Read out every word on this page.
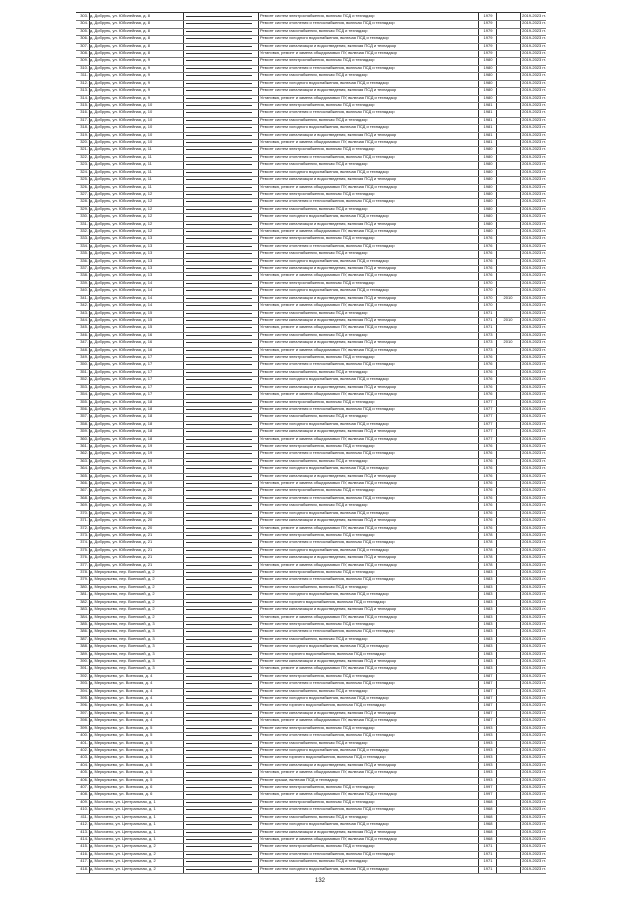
303. д. Добрунь, ул. Юбилейная, д. 8	Ремонт систем электроснабжения, включая ПСД и технадзор	1979	2019-2023 гг.
304. д. Добрунь, ул. Юбилейная, д. 8	Ремонт систем отопления и теплоснабжения, включая ПСД и технадзор	1979	2019-2023 гг.
305. д. Добрунь, ул. Юбилейная, д. 8	Ремонт систем газоснабжения, включая ПСД и технадзор	1979	2019-2023 гг.
306. д. Добрунь, ул. Юбилейная, д. 8	Ремонт систем холодного водоснабжения, включая ПСД и технадзор	1979	2019-2023 гг.
307. д. Добрунь, ул. Юбилейная, д. 8	Ремонт систем канализации и водоотведения, включая ПСД и технадзор	1979	2019-2023 гг.
308. д. Добрунь, ул. Юбилейная, д. 8	Установка, ремонт и замена общедомовых ПУ, включая ПСД и технадзор	1979	2019-2023 гг.
309. д. Добрунь, ул. Юбилейная, д. 9	Ремонт систем электроснабжения, включая ПСД и технадзор	1980	2019-2023 гг.
310. д. Добрунь, ул. Юбилейная, д. 9	Ремонт систем отопления и теплоснабжения, включая ПСД и технадзор	1980	2019-2023 гг.
311. д. Добрунь, ул. Юбилейная, д. 9	Ремонт систем газоснабжения, включая ПСД и технадзор	1980	2019-2023 гг.
312. д. Добрунь, ул. Юбилейная, д. 9	Ремонт систем холодного водоснабжения, включая ПСД и технадзор	1980	2019-2023 гг.
313. д. Добрунь, ул. Юбилейная, д. 9	Ремонт систем канализации и водоотведения, включая ПСД и технадзор	1980	2019-2023 гг.
314. д. Добрунь, ул. Юбилейная, д. 9	Установка, ремонт и замена общедомовых ПУ, включая ПСД и технадзор	1980	2019-2023 гг.
315. д. Добрунь, ул. Юбилейная, д. 10	Ремонт систем электроснабжения, включая ПСД и технадзор	1981	2019-2023 гг.
316. д. Добрунь, ул. Юбилейная, д. 10	Ремонт систем отопления и теплоснабжения, включая ПСД и технадзор	1981	2019-2023 гг.
317. д. Добрунь, ул. Юбилейная, д. 10	Ремонт систем газоснабжения, включая ПСД и технадзор	1981	2019-2023 гг.
318. д. Добрунь, ул. Юбилейная, д. 10	Ремонт систем холодного водоснабжения, включая ПСД и технадзор	1981	2019-2023 гг.
319. д. Добрунь, ул. Юбилейная, д. 10	Ремонт систем канализации и водоотведения, включая ПСД и технадзор	1981	2019-2023 гг.
320. д. Добрунь, ул. Юбилейная, д. 10	Установка, ремонт и замена общедомовых ПУ, включая ПСД и технадзор	1981	2019-2023 гг.
321. д. Добрунь, ул. Юбилейная, д. 11	Ремонт систем электроснабжения, включая ПСД и технадзор	1980	2019-2023 гг.
322. д. Добрунь, ул. Юбилейная, д. 11	Ремонт систем отопления и теплоснабжения, включая ПСД и технадзор	1980	2019-2023 гг.
323. д. Добрунь, ул. Юбилейная, д. 11	Ремонт систем газоснабжения, включая ПСД и технадзор	1980	2019-2023 гг.
324. д. Добрунь, ул. Юбилейная, д. 11	Ремонт систем холодного водоснабжения, включая ПСД и технадзор	1980	2019-2023 гг.
325. д. Добрунь, ул. Юбилейная, д. 11	Ремонт систем канализации и водоотведения, включая ПСД и технадзор	1980	2019-2023 гг.
326. д. Добрунь, ул. Юбилейная, д. 11	Установка, ремонт и замена общедомовых ПУ, включая ПСД и технадзор	1980	2019-2023 гг.
327. д. Добрунь, ул. Юбилейная, д. 12	Ремонт систем электроснабжения, включая ПСД и технадзор	1980	2019-2023 гг.
328. д. Добрунь, ул. Юбилейная, д. 12	Ремонт систем отопления и теплоснабжения, включая ПСД и технадзор	1980	2019-2023 гг.
329. д. Добрунь, ул. Юбилейная, д. 12	Ремонт систем газоснабжения, включая ПСД и технадзор	1980	2019-2023 гг.
330. д. Добрунь, ул. Юбилейная, д. 12	Ремонт систем холодного водоснабжения, включая ПСД и технадзор	1980	2019-2023 гг.
331. д. Добрунь, ул. Юбилейная, д. 12	Ремонт систем канализации и водоотведения, включая ПСД и технадзор	1980	2019-2023 гг.
332. д. Добрунь, ул. Юбилейная, д. 12	Установка, ремонт и замена общедомовых ПУ, включая ПСД и технадзор	1980	2019-2023 гг.
333. д. Добрунь, ул. Юбилейная, д. 13	Ремонт систем электроснабжения, включая ПСД и технадзор	1976	2019-2023 гг.
334. д. Добрунь, ул. Юбилейная, д. 13	Ремонт систем отопления и теплоснабжения, включая ПСД и технадзор	1976	2019-2023 гг.
335. д. Добрунь, ул. Юбилейная, д. 13	Ремонт систем газоснабжения, включая ПСД и технадзор	1976	2019-2023 гг.
336. д. Добрунь, ул. Юбилейная, д. 13	Ремонт систем холодного водоснабжения, включая ПСД и технадзор	1976	2019-2023 гг.
337. д. Добрунь, ул. Юбилейная, д. 13	Ремонт систем канализации и водоотведения, включая ПСД и технадзор	1976	2019-2023 гг.
338. д. Добрунь, ул. Юбилейная, д. 13	Установка, ремонт и замена общедомовых ПУ, включая ПСД и технадзор	1976	2019-2023 гг.
339. д. Добрунь, ул. Юбилейная, д. 14	Ремонт систем электроснабжения, включая ПСД и технадзор	1970	2019-2023 гг.
340. д. Добрунь, ул. Юбилейная, д. 14	Ремонт систем холодного водоснабжения, включая ПСД и технадзор	1970	2019-2023 гг.
341. д. Добрунь, ул. Юбилейная, д. 14	Ремонт систем канализации и водоотведения, включая ПСД и технадзор	1970	2010	2019-2023 гг.
342. д. Добрунь, ул. Юбилейная, д. 14	Установка, ремонт и замена общедомовых ПУ, включая ПСД и технадзор	1970	2019-2023 гг.
343. д. Добрунь, ул. Юбилейная, д. 15	Ремонт систем газоснабжения, включая ПСД и технадзор	1971	2019-2023 гг.
344. д. Добрунь, ул. Юбилейная, д. 15	Ремонт систем канализации и водоотведения, включая ПСД и технадзор	1971	2010	2019-2023 гг.
345. д. Добрунь, ул. Юбилейная, д. 15	Установка, ремонт и замена общедомовых ПУ, включая ПСД и технадзор	1971	2019-2023 гг.
346. д. Добрунь, ул. Юбилейная, д. 16	Ремонт систем газоснабжения, включая ПСД и технадзор	1973	2019-2023 гг.
347. д. Добрунь, ул. Юбилейная, д. 16	Ремонт систем канализации и водоотведения, включая ПСД и технадзор	1973	2010	2019-2023 гг.
348. д. Добрунь, ул. Юбилейная, д. 16	Установка, ремонт и замена общедомовых ПУ, включая ПСД и технадзор	1973	2019-2023 гг.
349. д. Добрунь, ул. Юбилейная, д. 17	Ремонт систем электроснабжения, включая ПСД и технадзор	1976	2019-2023 гг.
350. д. Добрунь, ул. Юбилейная, д. 17	Ремонт систем отопления и теплоснабжения, включая ПСД и технадзор	1976	2019-2023 гг.
351. д. Добрунь, ул. Юбилейная, д. 17	Ремонт систем газоснабжения, включая ПСД и технадзор	1976	2019-2023 гг.
352. д. Добрунь, ул. Юбилейная, д. 17	Ремонт систем холодного водоснабжения, включая ПСД и технадзор	1976	2019-2023 гг.
353. д. Добрунь, ул. Юбилейная, д. 17	Ремонт систем канализации и водоотведения, включая ПСД и технадзор	1976	2019-2023 гг.
354. д. Добрунь, ул. Юбилейная, д. 17	Установка, ремонт и замена общедомовых ПУ, включая ПСД и технадзор	1976	2019-2023 гг.
355. д. Добрунь, ул. Юбилейная, д. 18	Ремонт систем электроснабжения, включая ПСД и технадзор	1977	2019-2023 гг.
356. д. Добрунь, ул. Юбилейная, д. 18	Ремонт систем отопления и теплоснабжения, включая ПСД и технадзор	1977	2019-2023 гг.
357. д. Добрунь, ул. Юбилейная, д. 18	Ремонт систем газоснабжения, включая ПСД и технадзор	1977	2019-2023 гг.
358. д. Добрунь, ул. Юбилейная, д. 18	Ремонт систем холодного водоснабжения, включая ПСД и технадзор	1977	2019-2023 гг.
359. д. Добрунь, ул. Юбилейная, д. 18	Ремонт систем канализации и водоотведения, включая ПСД и технадзор	1977	2019-2023 гг.
360. д. Добрунь, ул. Юбилейная, д. 18	Установка, ремонт и замена общедомовых ПУ, включая ПСД и технадзор	1977	2019-2023 гг.
361. д. Добрунь, ул. Юбилейная, д. 19	Ремонт систем электроснабжения, включая ПСД и технадзор	1976	2019-2023 гг.
362. д. Добрунь, ул. Юбилейная, д. 19	Ремонт систем отопления и теплоснабжения, включая ПСД и технадзор	1976	2019-2023 гг.
363. д. Добрунь, ул. Юбилейная, д. 19	Ремонт систем газоснабжения, включая ПСД и технадзор	1976	2019-2023 гг.
364. д. Добрунь, ул. Юбилейная, д. 19	Ремонт систем холодного водоснабжения, включая ПСД и технадзор	1976	2019-2023 гг.
365. д. Добрунь, ул. Юбилейная, д. 19	Ремонт систем канализации и водоотведения, включая ПСД и технадзор	1976	2019-2023 гг.
366. д. Добрунь, ул. Юбилейная, д. 19	Установка, ремонт и замена общедомовых ПУ, включая ПСД и технадзор	1976	2019-2023 гг.
367. д. Добрунь, ул. Юбилейная, д. 20	Ремонт систем электроснабжения, включая ПСД и технадзор	1976	2019-2023 гг.
368. д. Добрунь, ул. Юбилейная, д. 20	Ремонт систем отопления и теплоснабжения, включая ПСД и технадзор	1976	2019-2023 гг.
369. д. Добрунь, ул. Юбилейная, д. 20	Ремонт систем газоснабжения, включая ПСД и технадзор	1976	2019-2023 гг.
370. д. Добрунь, ул. Юбилейная, д. 20	Ремонт систем холодного водоснабжения, включая ПСД и технадзор	1976	2019-2023 гг.
371. д. Добрунь, ул. Юбилейная, д. 20	Ремонт систем канализации и водоотведения, включая ПСД и технадзор	1976	2019-2023 гг.
372. д. Добрунь, ул. Юбилейная, д. 20	Установка, ремонт и замена общедомовых ПУ, включая ПСД и технадзор	1976	2019-2023 гг.
373. д. Добрунь, ул. Юбилейная, д. 21	Ремонт систем электроснабжения, включая ПСД и технадзор	1978	2019-2023 гг.
374. д. Добрунь, ул. Юбилейная, д. 21	Ремонт систем отопления и теплоснабжения, включая ПСД и технадзор	1978	2019-2023 гг.
375. д. Добрунь, ул. Юбилейная, д. 21	Ремонт систем холодного водоснабжения, включая ПСД и технадзор	1978	2019-2023 гг.
376. д. Добрунь, ул. Юбилейная, д. 21	Ремонт систем канализации и водоотведения, включая ПСД и технадзор	1978	2019-2023 гг.
377. д. Добрунь, ул. Юбилейная, д. 21	Установка, ремонт и замена общедомовых ПУ, включая ПСД и технадзор	1978	2019-2023 гг.
378. д. Меркульево, пер. Военский, д. 2	Ремонт систем электроснабжения, включая ПСД и технадзор	1983	2019-2023 гг.
379. д. Меркульево, пер. Военский, д. 2	Ремонт систем отопления и теплоснабжения, включая ПСД и технадзор	1983	2019-2023 гг.
380. д. Меркульево, пер. Военский, д. 2	Ремонт систем газоснабжения, включая ПСД и технадзор	1983	2019-2023 гг.
381. д. Меркульево, пер. Военский, д. 2	Ремонт систем холодного водоснабжения, включая ПСД и технадзор	1983	2019-2023 гг.
382. д. Меркульево, пер. Военский, д. 2	Ремонт систем горячего водоснабжения, включая ПСД и технадзор	1983	2019-2023 гг.
383. д. Меркульево, пер. Военский, д. 2	Ремонт систем канализации и водоотведения, включая ПСД и технадзор	1983	2019-2023 гг.
384. д. Меркульево, пер. Военский, д. 2	Установка, ремонт и замена общедомовых ПУ, включая ПСД и технадзор	1983	2019-2023 гг.
385. д. Меркульево, пер. Военский, д. 3	Ремонт систем электроснабжения, включая ПСД и технадзор	1983	2019-2023 гг.
386. д. Меркульево, пер. Военский, д. 3	Ремонт систем отопления и теплоснабжения, включая ПСД и технадзор	1983	2019-2023 гг.
387. д. Меркульево, пер. Военский, д. 3	Ремонт систем газоснабжения, включая ПСД и технадзор	1983	2019-2023 гг.
388. д. Меркульево, пер. Военский, д. 3	Ремонт систем холодного водоснабжения, включая ПСД и технадзор	1983	2019-2023 гг.
389. д. Меркульево, пер. Военский, д. 3	Ремонт систем горячего водоснабжения, включая ПСД и технадзор	1983	2019-2023 гг.
390. д. Меркульево, пер. Военский, д. 3	Ремонт систем канализации и водоотведения, включая ПСД и технадзор	1983	2019-2023 гг.
391. д. Меркульево, пер. Военский, д. 3	Установка, ремонт и замена общедомовых ПУ, включая ПСД и технадзор	1983	2019-2023 гг.
392. д. Меркульево, ул. Военская, д. 4	Ремонт систем электроснабжения, включая ПСД и технадзор	1987	2019-2023 гг.
393. д. Меркульево, ул. Военская, д. 4	Ремонт систем отопления и теплоснабжения, включая ПСД и технадзор	1987	2019-2023 гг.
394. д. Меркульево, ул. Военская, д. 4	Ремонт систем газоснабжения, включая ПСД и технадзор	1987	2019-2023 гг.
395. д. Меркульево, ул. Военская, д. 4	Ремонт систем холодного водоснабжения, включая ПСД и технадзор	1987	2019-2023 гг.
396. д. Меркульево, ул. Военская, д. 4	Ремонт систем горячего водоснабжения, включая ПСД и технадзор	1987	2019-2023 гг.
397. д. Меркульево, ул. Военская, д. 4	Ремонт систем канализации и водоотведения, включая ПСД и технадзор	1987	2019-2023 гг.
398. д. Меркульево, ул. Военская, д. 4	Установка, ремонт и замена общедомовых ПУ, включая ПСД и технадзор	1987	2019-2023 гг.
399. д. Меркульево, ул. Военская, д. 5	Ремонт систем электроснабжения, включая ПСД и технадзор	1993	2019-2023 гг.
400. д. Меркульево, ул. Военская, д. 5	Ремонт систем отопления и теплоснабжения, включая ПСД и технадзор	1993	2019-2023 гг.
401. д. Меркульево, ул. Военская, д. 5	Ремонт систем газоснабжения, включая ПСД и технадзор	1993	2019-2023 гг.
402. д. Меркульево, ул. Военская, д. 5	Ремонт систем холодного водоснабжения, включая ПСД и технадзор	1993	2019-2023 гг.
403. д. Меркульево, ул. Военская, д. 5	Ремонт систем горячего водоснабжения, включая ПСД и технадзор	1993	2019-2023 гг.
404. д. Меркульево, ул. Военская, д. 5	Ремонт систем канализации и водоотведения, включая ПСД и технадзор	1993	2019-2023 гг.
405. д. Меркульево, ул. Военская, д. 5	Установка, ремонт и замена общедомовых ПУ, включая ПСД и технадзор	1993	2019-2023 гг.
406. д. Меркульево, ул. Военская, д. 5	Ремонт крыши, включая ПСД и технадзор	1993	2019-2023 гг.
407. д. Меркульево, ул. Военская, д. 6	Ремонт систем электроснабжения, включая ПСД и технадзор	1997	2019-2023 гг.
408. д. Меркульево, ул. Военская, д. 6	Установка, ремонт и замена общедомовых ПУ, включая ПСД и технадзор	1997	2019-2023 гг.
409. д. Молочено, ул. Центральная, д. 1	Ремонт систем электроснабжения, включая ПСД и технадзор	1968	2019-2023 гг.
410. д. Молочено, ул. Центральная, д. 1	Ремонт систем отопления и теплоснабжения, включая ПСД и технадзор	1968	2019-2023 гг.
411. д. Молочено, ул. Центральная, д. 1	Ремонт систем газоснабжения, включая ПСД и технадзор	1968	2019-2023 гг.
412. д. Молочено, ул. Центральная, д. 1	Ремонт систем холодного водоснабжения, включая ПСД и технадзор	1968	2019-2023 гг.
413. д. Молочено, ул. Центральная, д. 1	Ремонт систем канализации и водоотведения, включая ПСД и технадзор	1968	2019-2023 гг.
414. д. Молочено, ул. Центральная, д. 1	Установка, ремонт и замена общедомовых ПУ, включая ПСД и технадзор	1968	2019-2023 гг.
415. д. Молочено, ул. Центральная, д. 2	Ремонт систем электроснабжения, включая ПСД и технадзор	1971	2019-2023 гг.
416. д. Молочено, ул. Центральная, д. 2	Ремонт систем отопления и теплоснабжения, включая ПСД и технадзор	1971	2019-2023 гг.
417. д. Молочено, ул. Центральная, д. 2	Ремонт систем газоснабжения, включая ПСД и технадзор	1971	2019-2023 гг.
418. д. Молочено, ул. Центральная, д. 2	Ремонт систем холодного водоснабжения, включая ПСД и технадзор	1971	2019-2023 гг.
132
